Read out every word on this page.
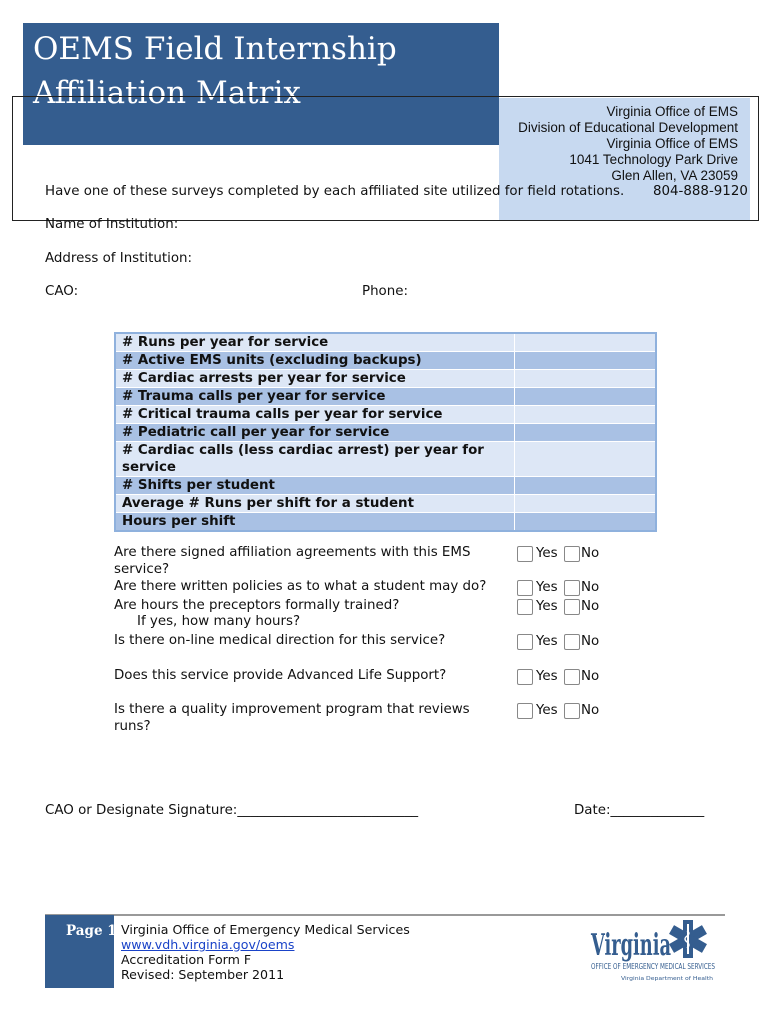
OEMS Field Internship
Affiliation Matrix
Virginia Office of EMS
Division of Educational Development
Virginia Office of EMS
1041 Technology Park Drive
Glen Allen, VA 23059
Have one of these surveys completed by each affiliated site utilized for field rotations. 804-888-9120
Name of Institution:
Address of Institution:
CAO:	Phone:
# Runs per year for service	
# Active EMS units (excluding backups)	
# Cardiac arrests per year for service	
# Trauma calls per year for service	
# Critical trauma calls per year for service	
# Pediatric call per year for service	
# Cardiac calls (less cardiac arrest) per year for service	
# Shifts per student	
Average # Runs per shift for a student	
Hours per shift	
Are there signed affiliation agreements with this EMS service?
Yes No
Are there written policies as to what a student may do?	Yes No
Are hours the preceptors formally trained?	Yes No
If yes, how many hours?
Is there on-line medical direction for this service?	Yes No
Does this service provide Advanced Life Support?	Yes No
Is there a quality improvement program that reviews runs?
Yes No
CAO or Designate Signature:___________________________	Date:______________
Page 1 Virginia Office of Emergency Medical Services
www.vdh.virginia.gov/oems
Accreditation Form F
Revised: September 2011
Virginia
OFFICE OF EMERGENCY MEDICAL SERVICES
Virginia Department of Health
